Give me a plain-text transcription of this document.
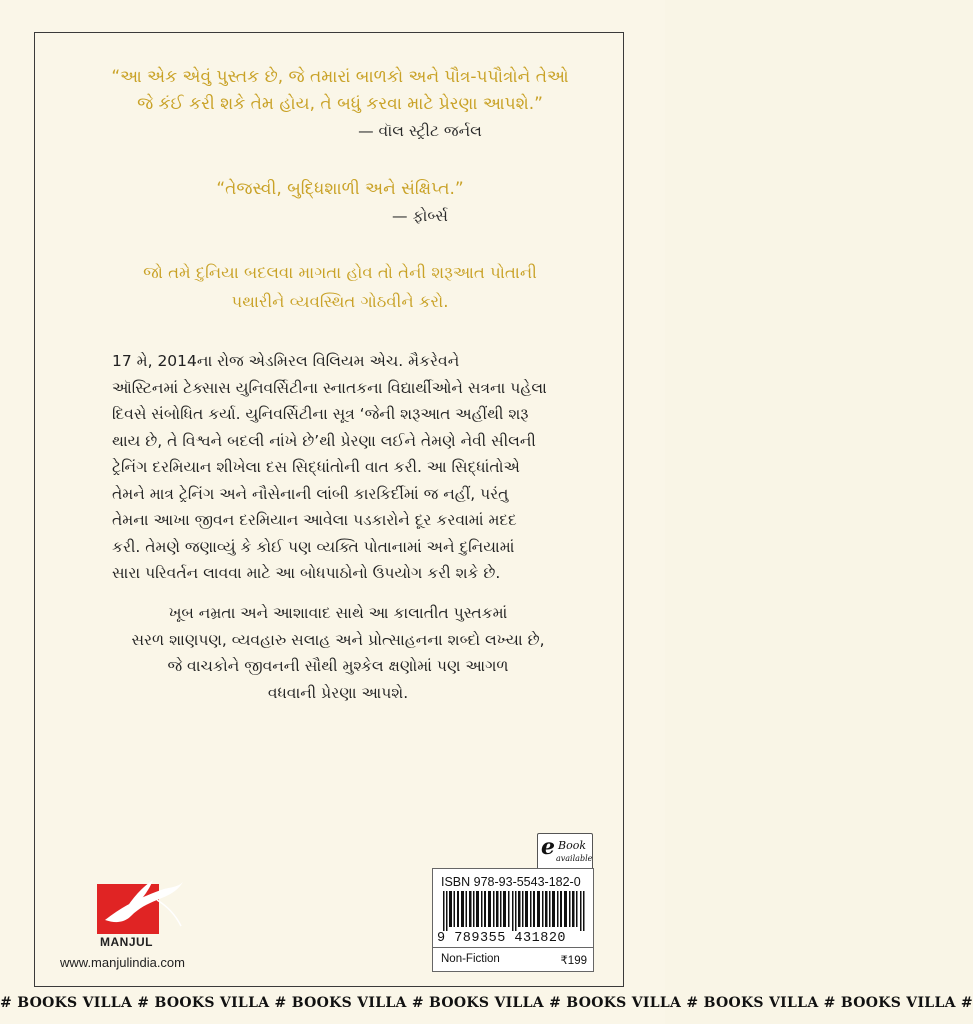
“આ એક એવું પુસ્તક છે, જે તમારાં બાળકો અને પૌત્ર-પપૌત્રોને તેઓ
જે કંઈ કરી શકે તેમ હોય, તે બધું કરવા માટે પ્રેરણા આપશે.”
— વૉલ સ્ટ્રીટ જર્નલ
“તેજસ્વી, બુદ્ધિશાળી અને સંક્ષિપ્ત.”
— ફોર્બ્સ
જો તમે દુનિયા બદલવા માગતા હોવ તો તેની શરૂઆત પોતાની
પથારીને વ્યવસ્થિત ગોઠવીને કરો.
17 મે, 2014ના રોજ એડમિરલ વિલિયમ એચ. મૈકરેવને
ઑસ્ટિનમાં ટેક્સાસ યુનિવર્સિટીના સ્નાતકના વિદ્યાર્થીઓને સત્રના પહેલા
દિવસે સંબોધિત કર્યા. યુનિવર્સિટીના સૂત્ર ‘જેની શરૂઆત અહીંથી શરૂ
થાય છે, તે વિશ્વને બદલી નાંખે છે’થી પ્રેરણા લઈને તેમણે નેવી સીલની
ટ્રેનિંગ દરમિયાન શીખેલા દસ સિદ્ધાંતોની વાત કરી. આ સિદ્ધાંતોએ
તેમને માત્ર ટ્રેનિંગ અને નૌસેનાની લાંબી કારકિર્દીમાં જ નહીં, પરંતુ
તેમના આખા જીવન દરમિયાન આવેલા પડકારોને દૂર કરવામાં મદદ
કરી. તેમણે જણાવ્યું કે કોઈ પણ વ્યક્તિ પોતાનામાં અને દુનિયામાં
સારા પરિવર્તન લાવવા માટે આ બોધપાઠોનો ઉપયોગ કરી શકે છે.
ખૂબ નમ્રતા અને આશાવાદ સાથે આ કાલાતીત પુસ્તકમાં
સરળ શાણપણ, વ્યવહારુ સલાહ અને પ્રોત્સાહનના શબ્દો લખ્યા છે,
જે વાચકોને જીવનની સૌથી મુશ્કેલ ક્ષણોમાં પણ આગળ
વધવાની પ્રેરણા આપશે.
e Book
available
ISBN 978-93-5543-182-0
9 789355 431820
Non-Fiction	₹199
MANJUL
www.manjulindia.com
# BOOKS VILLA # BOOKS VILLA # BOOKS VILLA # BOOKS VILLA # BOOKS VILLA # BOOKS VILLA # BOOKS VILLA #
